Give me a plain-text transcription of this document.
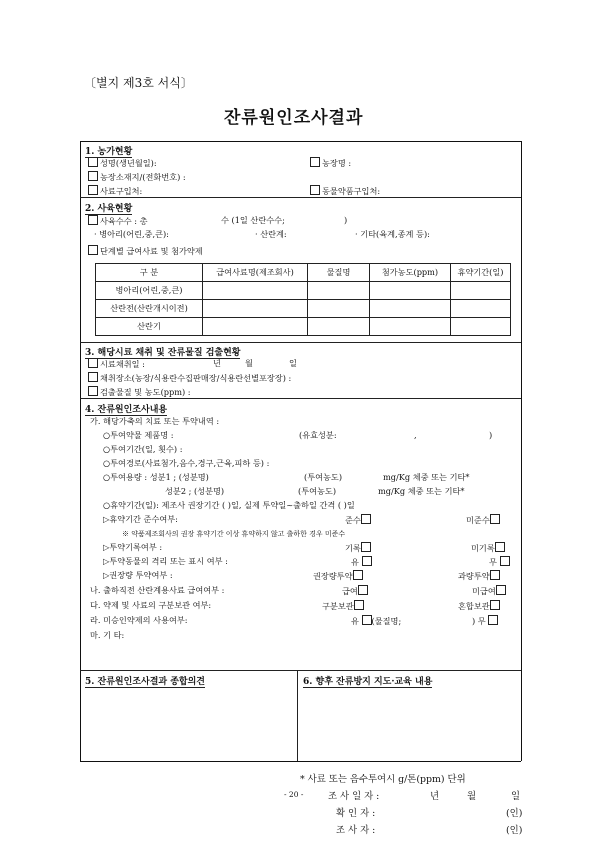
〔별지 제3호 서식〕
잔류원인조사결과
1. 농가현황
성명(생년월일):	농장명 :
농장소재지/(전화번호) :
사료구입처:	동물약품구입처:
2. 사육현황
사육수수 : 총	수 (1일 산란수수;	)
· 병아리(어린,중,큰):	· 산란계:	· 기타(육계,종계 등):
단계별 급여사료 및 첨가약제
구 분	급여사료명(제조회사)	물질명	첨가농도(ppm)	휴약기간(일)
병아리(어린,중,큰)				
산란전(산란개시이전)				
산란기				
3. 해당시료 채취 및 잔류물질 검출현황
시료채취일 :	년	월	일
채취장소(농장/식용란수집판매장/식용란선별포장장) :
검출물질 및 농도(ppm) :
4. 잔류원인조사내용
가. 해당가축의 치료 또는 투약내역 :
○투여약물 제품명 :	(유효성분:	,	)
○투여기간(일, 횟수) :
○투여경로(사료첨가,음수,경구,근육,피하 등) :
○투여용량 : 성분1 ; (성분명)	(투여농도)	mg/Kg 체중 또는 기타*
성분2 ; (성분명)	(투여농도)	mg/Kg 체중 또는 기타*
○휴약기간(일): 제조사 권장기간 ( )일, 실제 투약일~출하일 간격 ( )일
▷휴약기간 준수여부:	준수	미준수
※ 약품제조회사의 권장 휴약기간 이상 휴약하지 않고 출하한 경우 미준수
▷투약기록여부 :	기록	미기록
▷투약동물의 격리 또는 표시 여부 :	유	무
▷권장량 투약여부 :	권장량투약	과량투약
나. 출하직전 산란계용사료 급여여부 :	급여	미급여
다. 약제 및 사료의 구분보관 여부:	구분보관	혼합보관
라. 미승인약제의 사용여부:	유 (물질명;	) 무
마. 기 타:
5. 잔류원인조사결과 종합의견	6. 향후 잔류방지 지도·교육 내용
* 사료 또는 음수투여시 g/톤(ppm) 단위
조 사 일 자 :	년	월	일
확 인 자 :	(인)
조 사 자 :	(인)
- 20 -
